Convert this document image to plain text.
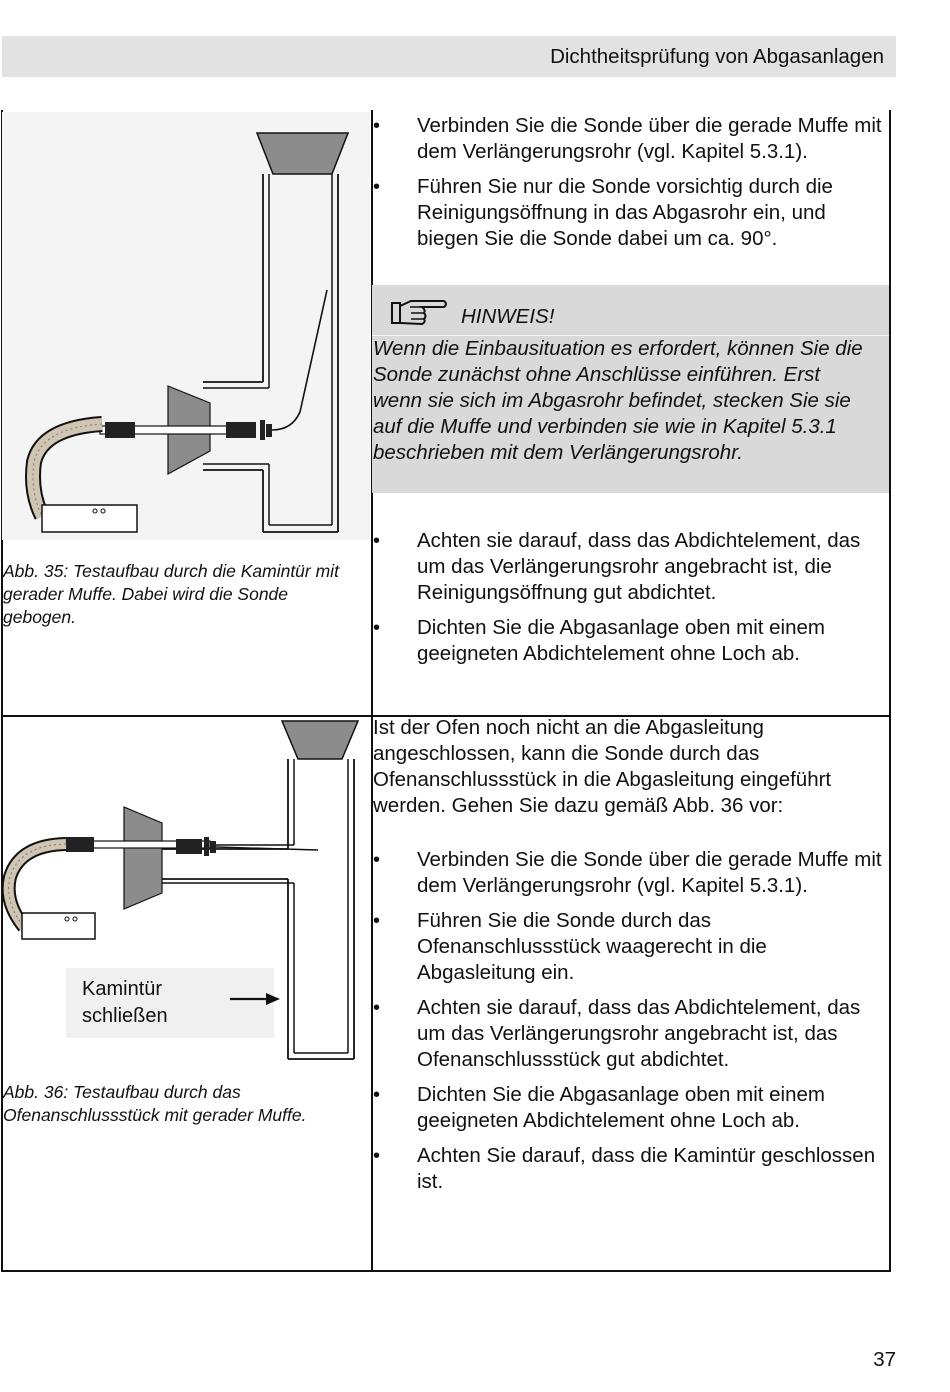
Dichtheitsprüfung von Abgasanlagen
• Verbinden Sie die Sonde über die gerade Muffe mit dem Verlängerungsrohr (vgl. Kapitel 5.3.1).
• Führen Sie nur die Sonde vorsichtig durch die Reinigungsöffnung in das Abgasrohr ein, und biegen Sie die Sonde dabei um ca. 90°.
HINWEIS!
Wenn die Einbausituation es erfordert, können Sie die Sonde zunächst ohne Anschlüsse einführen. Erst wenn sie sich im Abgasrohr befindet, stecken Sie sie auf die Muffe und verbinden sie wie in Kapitel 5.3.1 beschrieben mit dem Verlängerungsrohr.
• Achten sie darauf, dass das Abdichtelement, das um das Verlängerungsrohr angebracht ist, die Reinigungsöffnung gut abdichtet.
• Dichten Sie die Abgasanlage oben mit einem geeigneten Abdichtelement ohne Loch ab.
Abb. 35: Testaufbau durch die Kamintür mit gerader Muffe. Dabei wird die Sonde gebogen.
Ist der Ofen noch nicht an die Abgasleitung angeschlossen, kann die Sonde durch das Ofenanschlussstück in die Abgasleitung eingeführt werden. Gehen Sie dazu gemäß Abb. 36 vor:
• Verbinden Sie die Sonde über die gerade Muffe mit dem Verlängerungsrohr (vgl. Kapitel 5.3.1).
• Führen Sie die Sonde durch das Ofenanschlussstück waagerecht in die Abgasleitung ein.
• Achten sie darauf, dass das Abdichtelement, das um das Verlängerungsrohr angebracht ist, das Ofenanschlussstück gut abdichtet.
• Dichten Sie die Abgasanlage oben mit einem geeigneten Abdichtelement ohne Loch ab.
• Achten Sie darauf, dass die Kamintür geschlossen ist.
Kamintür
schließen
Abb. 36: Testaufbau durch das Ofenanschlussstück mit gerader Muffe.
37
